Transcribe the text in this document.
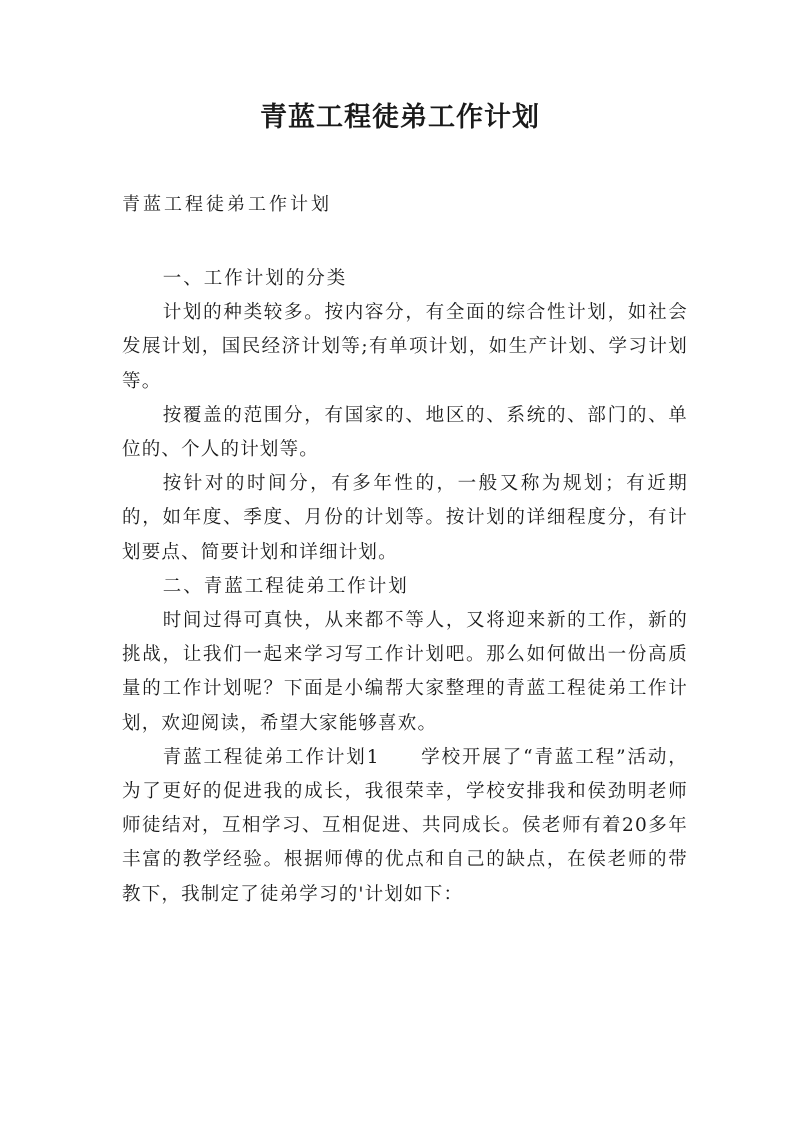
青蓝工程徒弟工作计划
青蓝工程徒弟工作计划

一、工作计划的分类

计划的种类较多。按内容分，有全面的综合性计划，如社会发展计划，国民经济计划等;有单项计划，如生产计划、学习计划等。

按覆盖的范围分，有国家的、地区的、系统的、部门的、单位的、个人的计划等。

按针对的时间分，有多年性的，一般又称为规划；有近期的，如年度、季度、月份的计划等。按计划的详细程度分，有计划要点、简要计划和详细计划。

二、青蓝工程徒弟工作计划

时间过得可真快，从来都不等人，又将迎来新的工作，新的挑战，让我们一起来学习写工作计划吧。那么如何做出一份高质量的工作计划呢？下面是小编帮大家整理的青蓝工程徒弟工作计划，欢迎阅读，希望大家能够喜欢。

青蓝工程徒弟工作计划1　　学校开展了“青蓝工程”活动，为了更好的促进我的成长，我很荣幸，学校安排我和侯劲明老师师徒结对，互相学习、互相促进、共同成长。侯老师有着20多年丰富的教学经验。根据师傅的优点和自己的缺点，在侯老师的带教下，我制定了徒弟学习的'计划如下：
